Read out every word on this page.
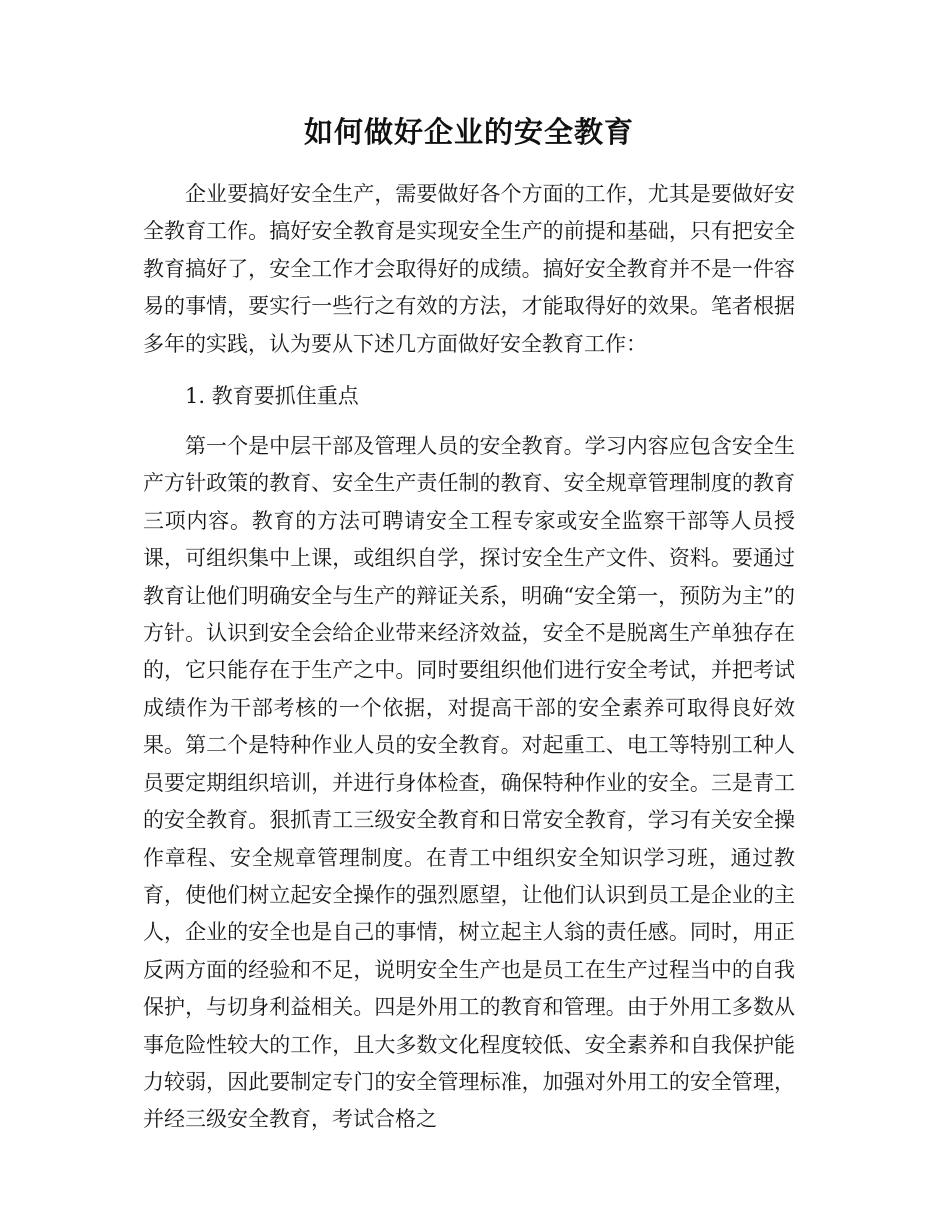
如何做好企业的安全教育

企业要搞好安全生产，需要做好各个方面的工作，尤其是要做好安全教育工作。搞好安全教育是实现安全生产的前提和基础，只有把安全教育搞好了，安全工作才会取得好的成绩。搞好安全教育并不是一件容易的事情，要实行一些行之有效的方法，才能取得好的效果。笔者根据多年的实践，认为要从下述几方面做好安全教育工作：

1. 教育要抓住重点

第一个是中层干部及管理人员的安全教育。学习内容应包含安全生产方针政策的教育、安全生产责任制的教育、安全规章管理制度的教育三项内容。教育的方法可聘请安全工程专家或安全监察干部等人员授课，可组织集中上课，或组织自学，探讨安全生产文件、资料。要通过教育让他们明确安全与生产的辩证关系，明确“安全第一，预防为主”的方针。认识到安全会给企业带来经济效益，安全不是脱离生产单独存在的，它只能存在于生产之中。同时要组织他们进行安全考试，并把考试成绩作为干部考核的一个依据，对提高干部的安全素养可取得良好效果。第二个是特种作业人员的安全教育。对起重工、电工等特别工种人员要定期组织培训，并进行身体检查，确保特种作业的安全。三是青工的安全教育。狠抓青工三级安全教育和日常安全教育，学习有关安全操作章程、安全规章管理制度。在青工中组织安全知识学习班，通过教育，使他们树立起安全操作的强烈愿望，让他们认识到员工是企业的主人，企业的安全也是自己的事情，树立起主人翁的责任感。同时，用正反两方面的经验和不足，说明安全生产也是员工在生产过程当中的自我保护，与切身利益相关。四是外用工的教育和管理。由于外用工多数从事危险性较大的工作，且大多数文化程度较低、安全素养和自我保护能力较弱，因此要制定专门的安全管理标准，加强对外用工的安全管理，并经三级安全教育，考试合格之
